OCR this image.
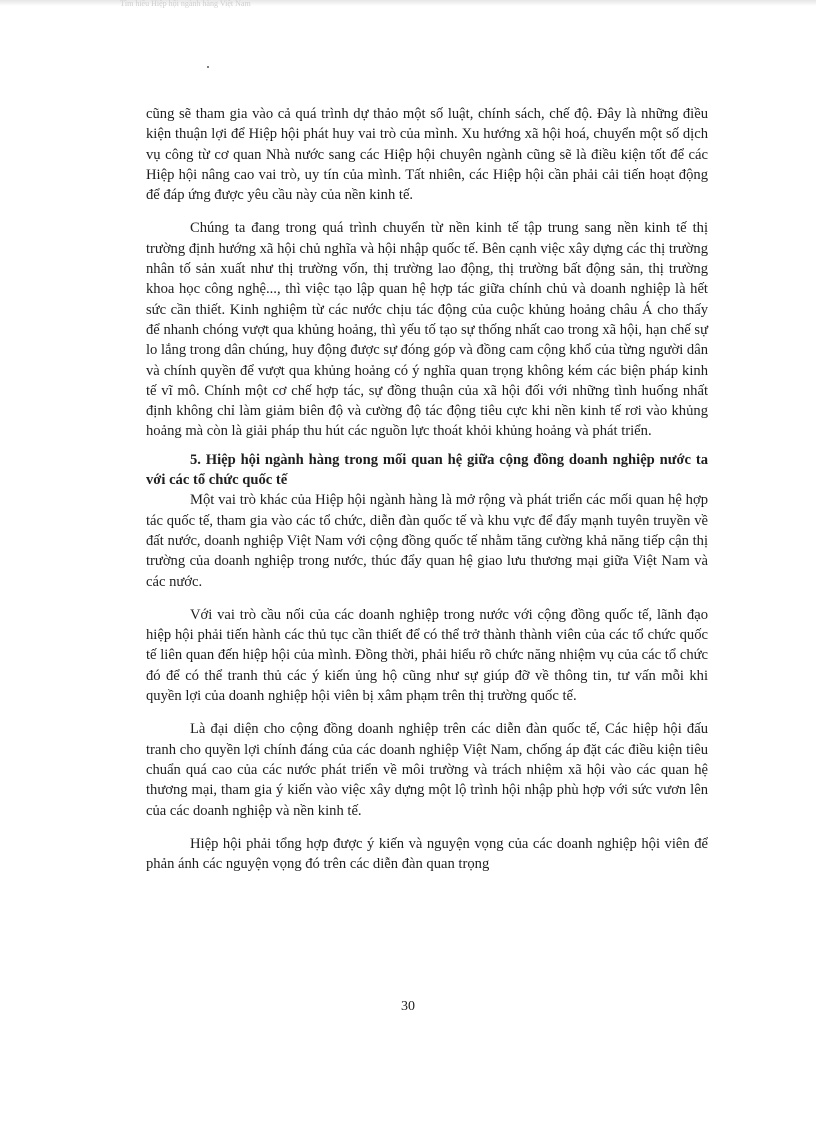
Tìm hiểu Hiệp hội ngành hàng Việt Nam

cũng sẽ tham gia vào cả quá trình dự thảo một số luật, chính sách, chế độ. Đây là những điều kiện thuận lợi để Hiệp hội phát huy vai trò của mình. Xu hướng xã hội hoá, chuyển một số dịch vụ công từ cơ quan Nhà nước sang các Hiệp hội chuyên ngành cũng sẽ là điều kiện tốt để các Hiệp hội nâng cao vai trò, uy tín của mình. Tất nhiên, các Hiệp hội cần phải cải tiến hoạt động để đáp ứng được yêu cầu này của nền kinh tế.

Chúng ta đang trong quá trình chuyển từ nền kinh tế tập trung sang nền kinh tế thị trường định hướng xã hội chủ nghĩa và hội nhập quốc tế. Bên cạnh việc xây dựng các thị trường nhân tố sản xuất như thị trường vốn, thị trường lao động, thị trường bất động sản, thị trường khoa học công nghệ..., thì việc tạo lập quan hệ hợp tác giữa chính chủ và doanh nghiệp là hết sức cần thiết. Kinh nghiệm từ các nước chịu tác động của cuộc khủng hoảng châu Á cho thấy để nhanh chóng vượt qua khủng hoảng, thì yếu tố tạo sự thống nhất cao trong xã hội, hạn chế sự lo lắng trong dân chúng, huy động được sự đóng góp và đồng cam cộng khổ của từng người dân và chính quyền để vượt qua khủng hoảng có ý nghĩa quan trọng không kém các biện pháp kinh tế vĩ mô. Chính một cơ chế hợp tác, sự đồng thuận của xã hội đối với những tình huống nhất định không chỉ làm giảm biên độ và cường độ tác động tiêu cực khi nền kinh tế rơi vào khủng hoảng mà còn là giải pháp thu hút các nguồn lực thoát khỏi khủng hoảng và phát triển.

5. Hiệp hội ngành hàng trong mối quan hệ giữa cộng đồng doanh nghiệp nước ta với các tổ chức quốc tế

Một vai trò khác của Hiệp hội ngành hàng là mở rộng và phát triển các mối quan hệ hợp tác quốc tế, tham gia vào các tổ chức, diễn đàn quốc tế và khu vực để đẩy mạnh tuyên truyền về đất nước, doanh nghiệp Việt Nam với cộng đồng quốc tế nhằm tăng cường khả năng tiếp cận thị trường của doanh nghiệp trong nước, thúc đẩy quan hệ giao lưu thương mại giữa Việt Nam và các nước.

Với vai trò cầu nối của các doanh nghiệp trong nước với cộng đồng quốc tế, lãnh đạo hiệp hội phải tiến hành các thủ tục cần thiết để có thể trở thành thành viên của các tổ chức quốc tế liên quan đến hiệp hội của mình. Đồng thời, phải hiểu rõ chức năng nhiệm vụ của các tổ chức đó để có thể tranh thủ các ý kiến ủng hộ cũng như sự giúp đỡ về thông tin, tư vấn mỗi khi quyền lợi của doanh nghiệp hội viên bị xâm phạm trên thị trường quốc tế.

Là đại diện cho cộng đồng doanh nghiệp trên các diễn đàn quốc tế, Các hiệp hội đấu tranh cho quyền lợi chính đáng của các doanh nghiệp Việt Nam, chống áp đặt các điều kiện tiêu chuẩn quá cao của các nước phát triển về môi trường và trách nhiệm xã hội vào các quan hệ thương mại, tham gia ý kiến vào việc xây dựng một lộ trình hội nhập phù hợp với sức vươn lên của các doanh nghiệp và nền kinh tế.

Hiệp hội phải tổng hợp được ý kiến và nguyện vọng của các doanh nghiệp hội viên để phản ánh các nguyện vọng đó trên các diễn đàn quan trọng

30
